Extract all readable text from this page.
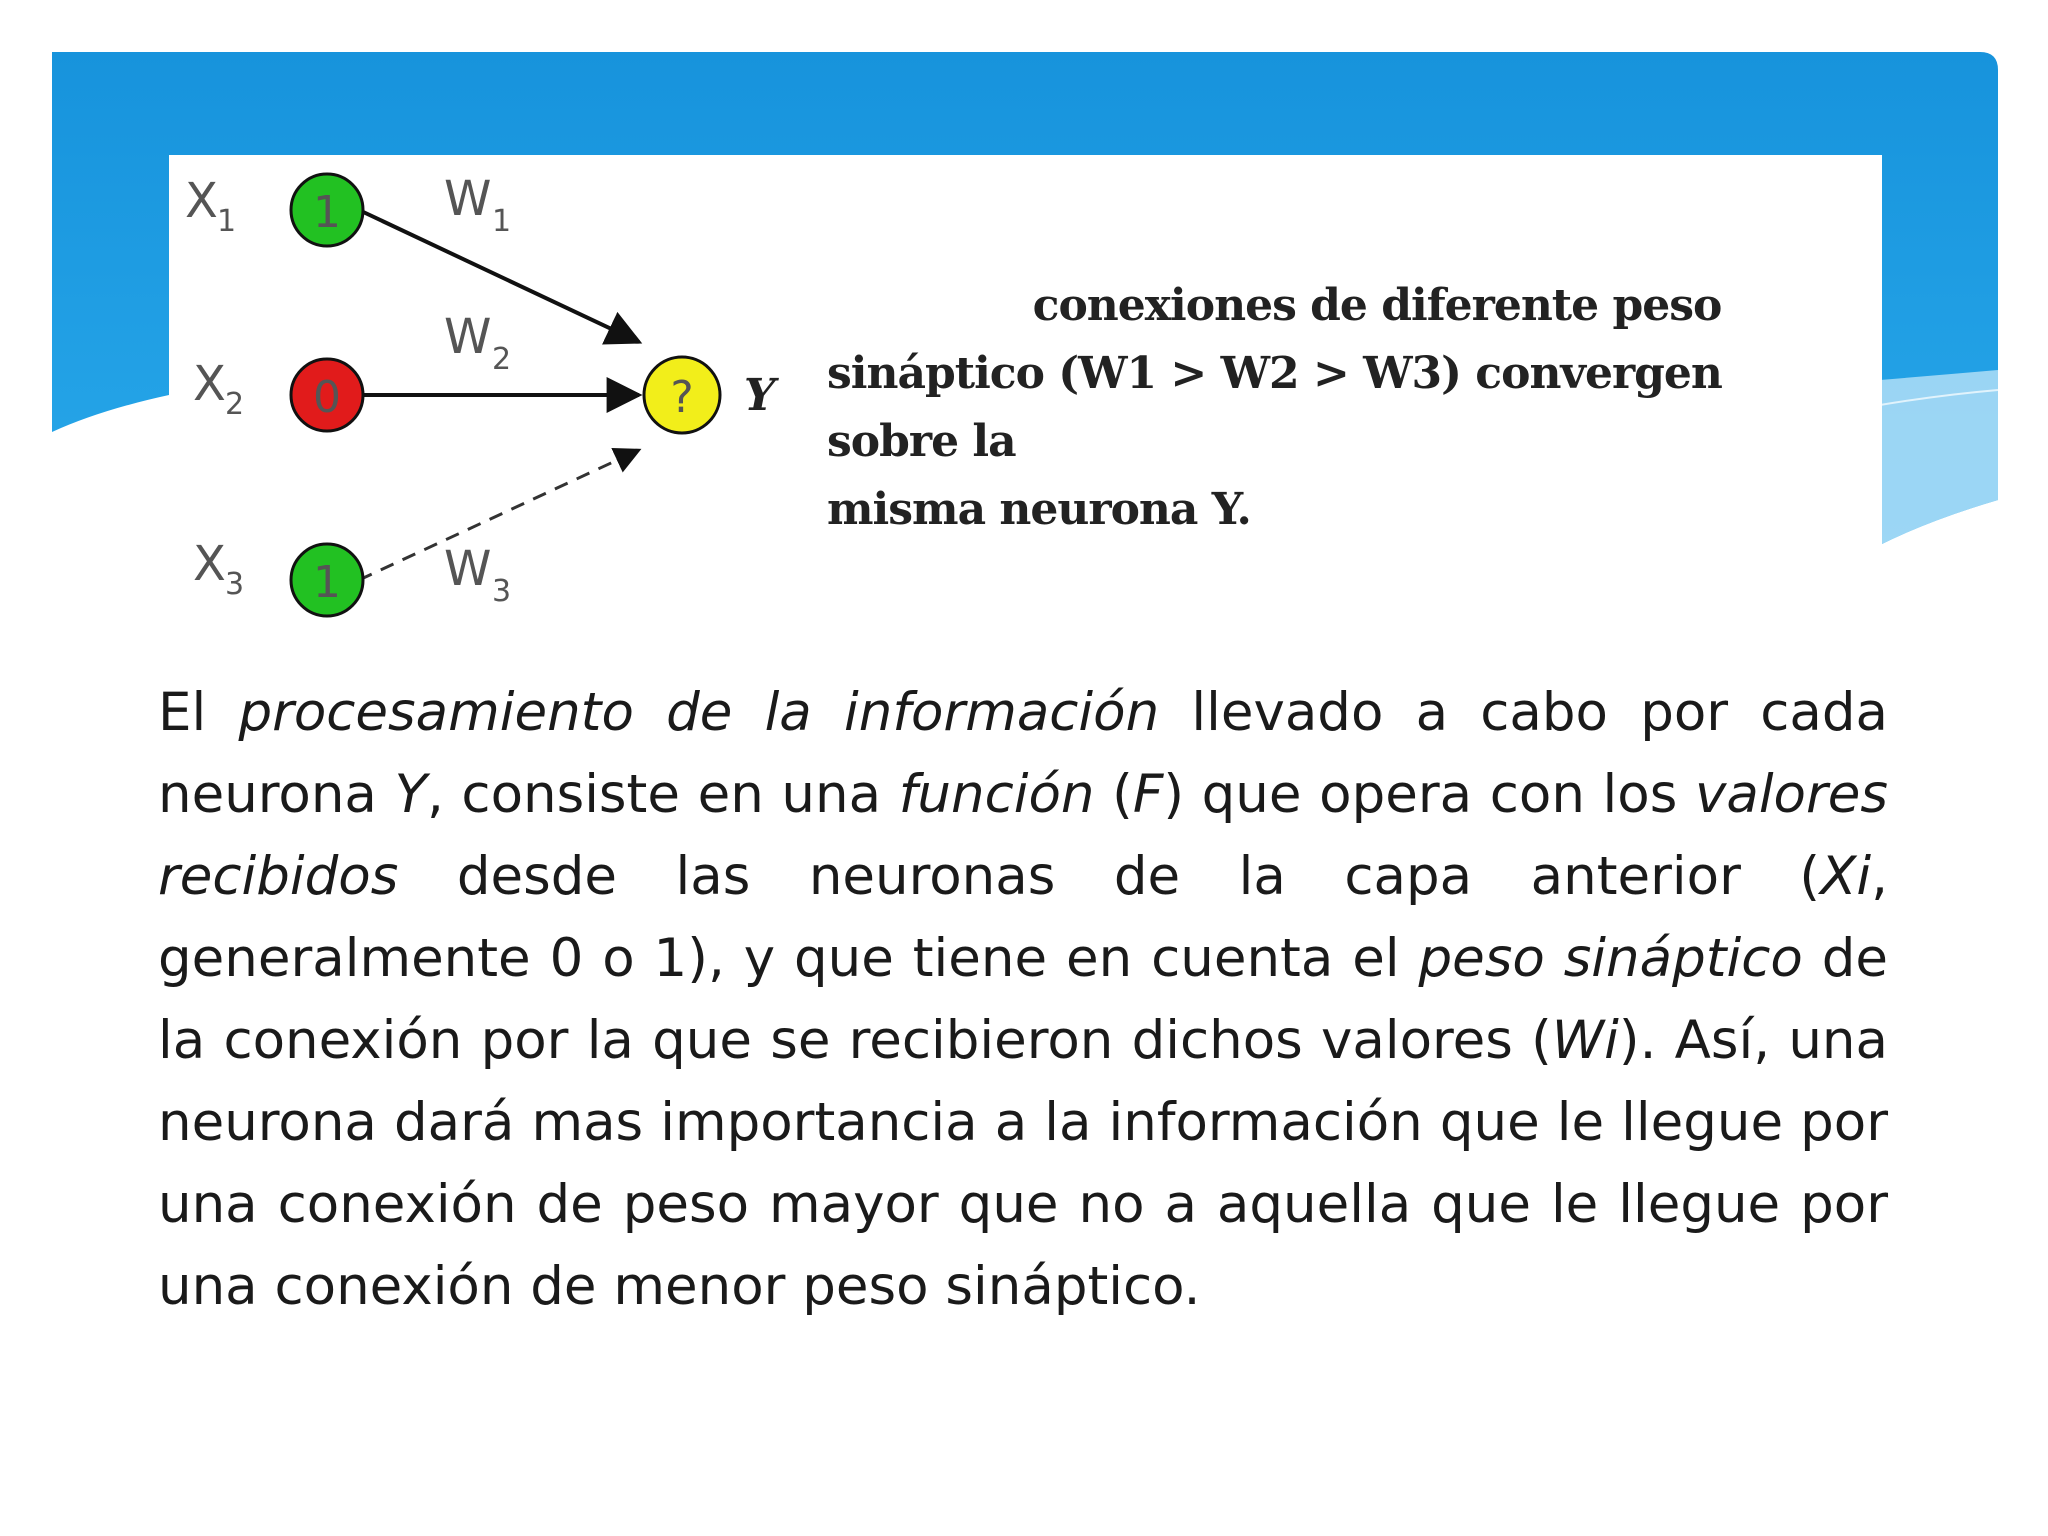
X 1
X 2
X 3
1
0
1
W 1
W 2
W 3
? Y
conexiones de diferente peso
sináptico (W1 > W2 > W3) convergen sobre la
misma neurona Y.
El procesamiento de la información llevado a cabo por cada neurona Y, consiste en una función (F) que opera con los valores recibidos desde las neuronas de la capa anterior (Xi, generalmente 0 o 1), y que tiene en cuenta el peso sináptico de la conexión por la que se recibieron dichos valores (Wi). Así, una neurona dará mas importancia a la información que le llegue por una conexión de peso mayor que no a aquella que le llegue por una conexión de menor peso sináptico.
